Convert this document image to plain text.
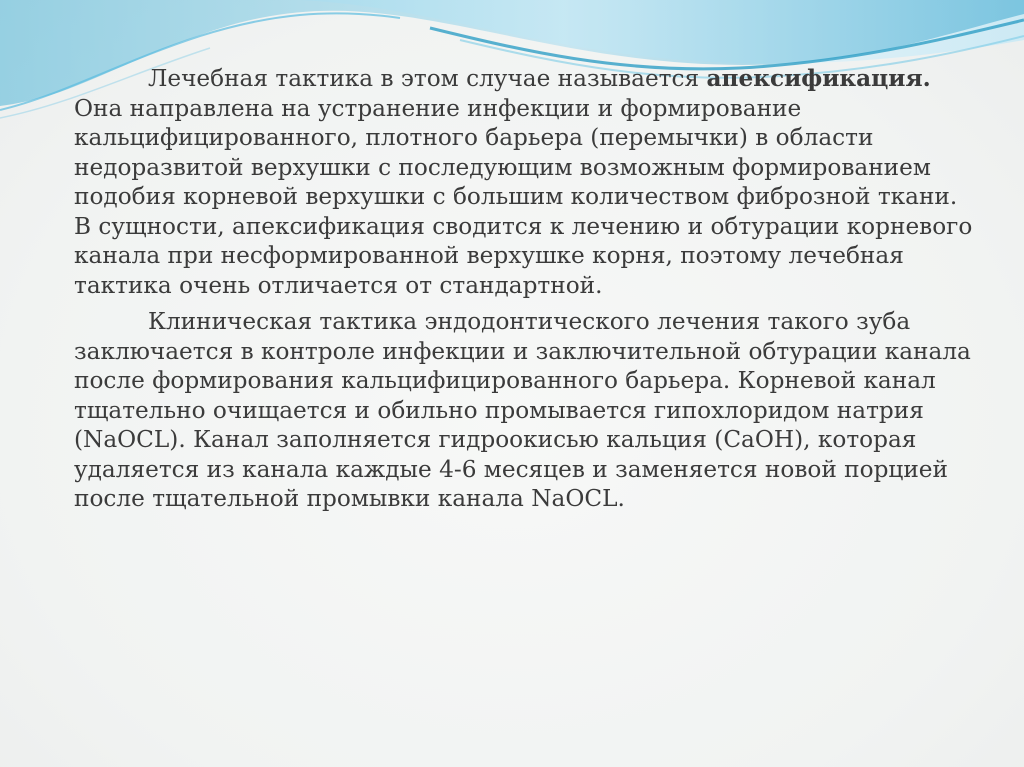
Лечебная тактика в этом случае называется апексификация. Она направлена на устранение инфекции и формирование кальцифицированного, плотного барьера (перемычки) в области недоразвитой верхушки с последующим возможным формированием подобия корневой верхушки с большим количеством фиброзной ткани. В сущности, апексификация сводится к лечению и обтурации корневого канала при несформированной верхушке корня, поэтому лечебная тактика очень отличается от стандартной.

Клиническая тактика эндодонтического лечения такого зуба заключается в контроле инфекции и заключительной обтурации канала после формирования кальцифицированного барьера. Корневой канал тщательно очищается и обильно промывается гипохлоридом натрия (NaOCL). Канал заполняется гидроокисью кальция (CaOH), которая удаляется из канала каждые 4-6 месяцев и заменяется новой порцией после тщательной промывки канала NaOCL.
